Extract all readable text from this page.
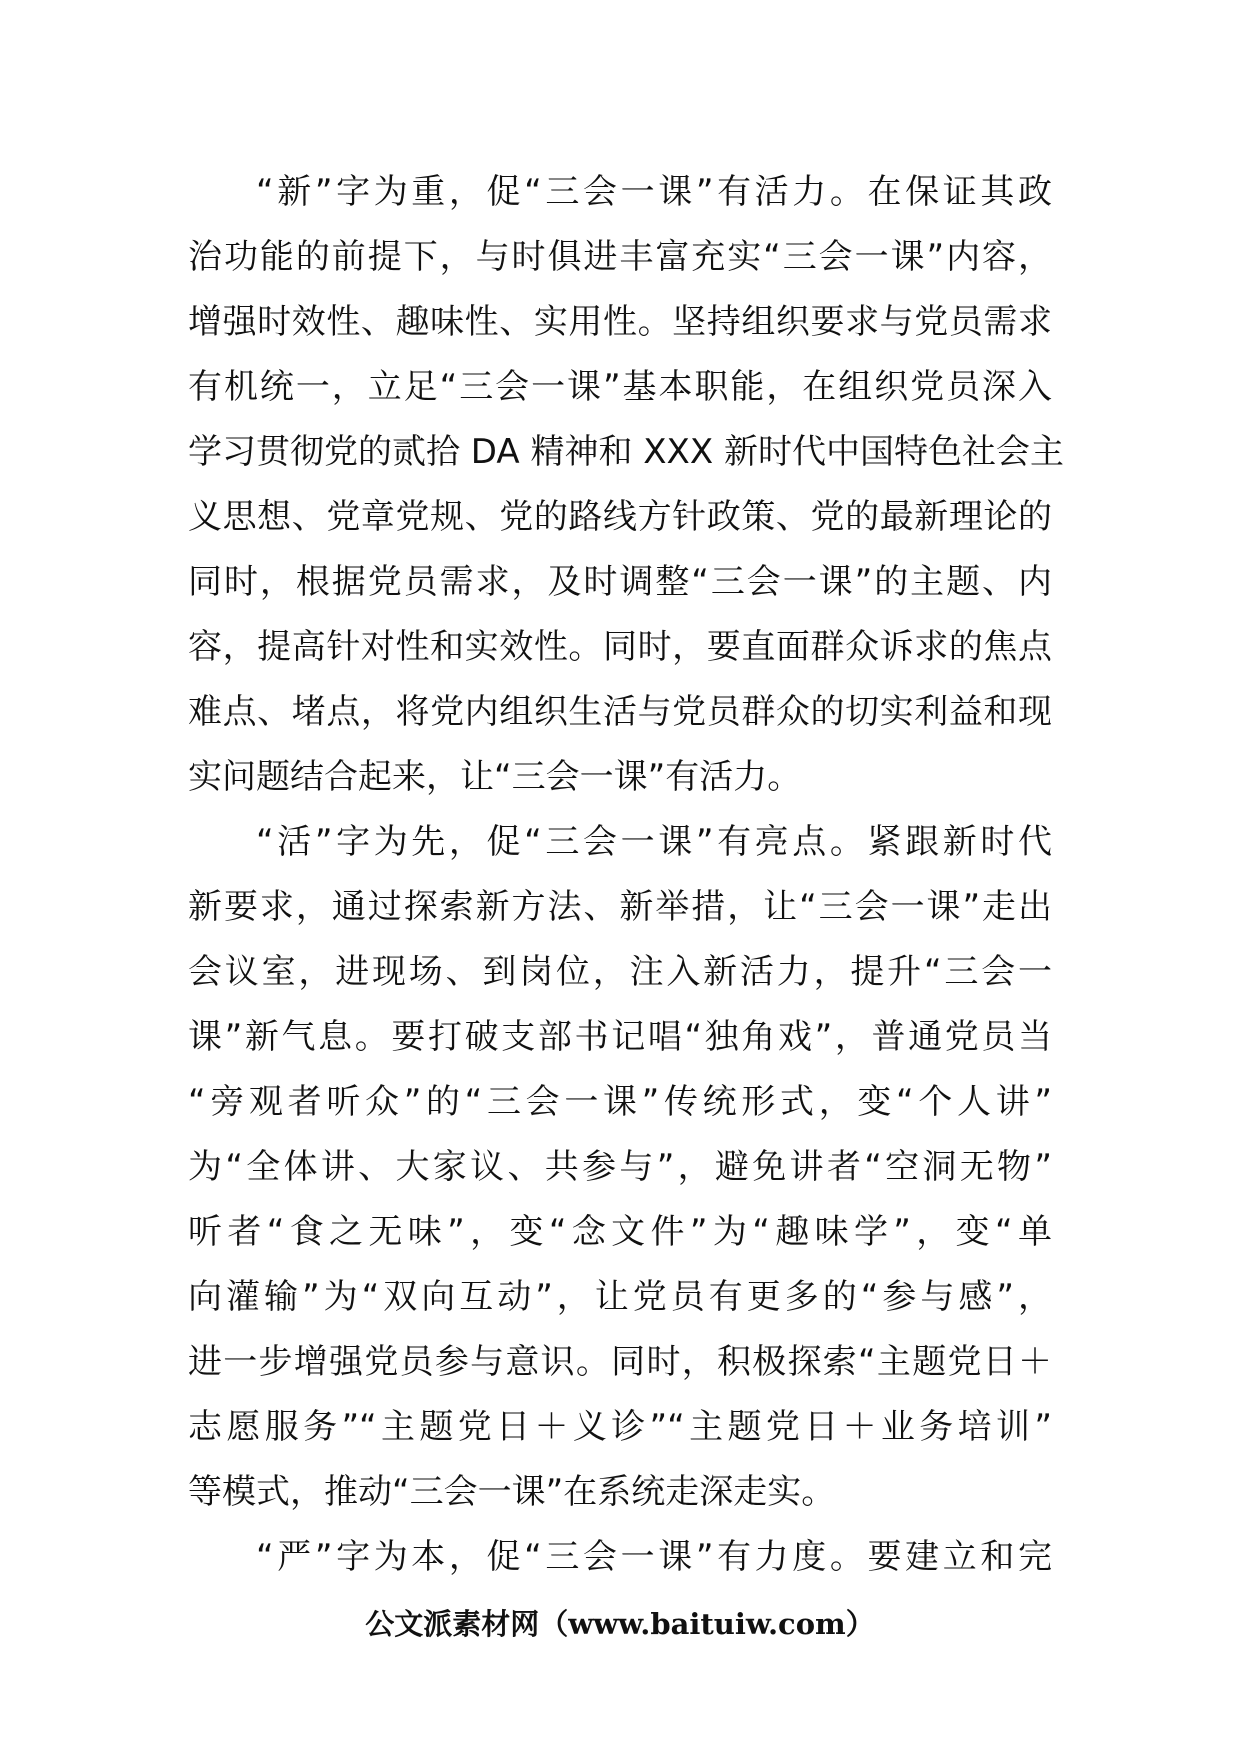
“新”字为重，促“三会一课”有活力。在保证其政
治功能的前提下，与时俱进丰富充实“三会一课”内容，
增强时效性、趣味性、实用性。坚持组织要求与党员需求
有机统一，立足“三会一课”基本职能，在组织党员深入
学习贯彻党的贰拾 DA 精神和 XXX 新时代中国特色社会主
义思想、党章党规、党的路线方针政策、党的最新理论的
同时，根据党员需求，及时调整“三会一课”的主题、内
容，提高针对性和实效性。同时，要直面群众诉求的焦点
难点、堵点，将党内组织生活与党员群众的切实利益和现
实问题结合起来，让“三会一课”有活力。
“活”字为先，促“三会一课”有亮点。紧跟新时代
新要求，通过探索新方法、新举措，让“三会一课”走出
会议室，进现场、到岗位，注入新活力，提升“三会一
课”新气息。要打破支部书记唱“独角戏”，普通党员当
“旁观者听众”的“三会一课”传统形式，变“个人讲”
为“全体讲、大家议、共参与”，避免讲者“空洞无物”
听者“食之无味”，变“念文件”为“趣味学”，变“单
向灌输”为“双向互动”，让党员有更多的“参与感”，
进一步增强党员参与意识。同时，积极探索“主题党日＋
志愿服务”“主题党日＋义诊”“主题党日＋业务培训”
等模式，推动“三会一课”在系统走深走实。
“严”字为本，促“三会一课”有力度。要建立和完
公文派素材网（www.baituiw.com）
